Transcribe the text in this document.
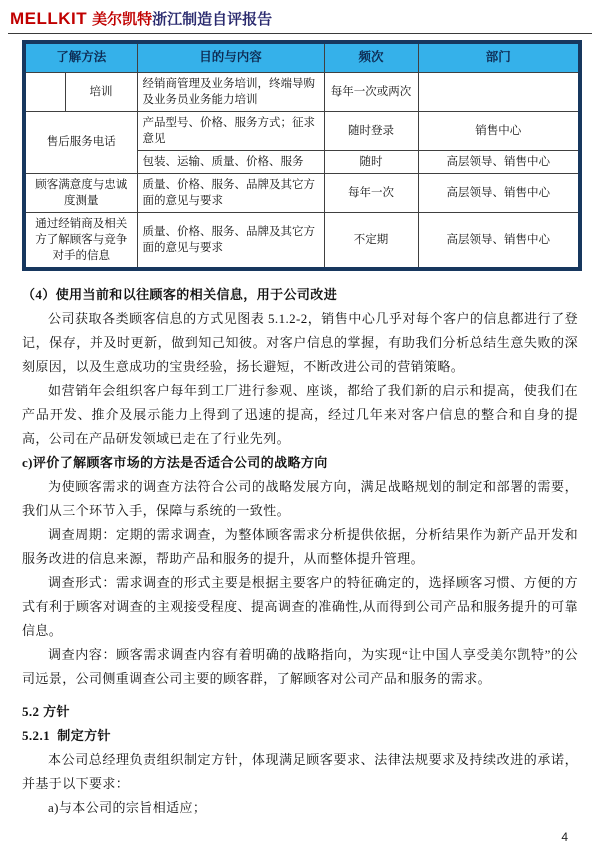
MELLKIT 美尔凯特浙江制造自评报告
了解方法		目的与内容	频次	部门
	培训	经销商管理及业务培训，终端导购及业务员业务能力培训	每年一次或两次	
售后服务电话		产品型号、价格、服务方式；征求意见	随时登录	销售中心
		包装、运输、质量、价格、服务	随时	高层领导、销售中心
顾客满意度与忠诚度测量		质量、价格、服务、品牌及其它方面的意见与要求	每年一次	高层领导、销售中心
通过经销商及相关方了解顾客与竞争对手的信息		质量、价格、服务、品牌及其它方面的意见与要求	不定期	高层领导、销售中心

（4）使用当前和以往顾客的相关信息，用于公司改进

公司获取各类顾客信息的方式见图表 5.1.2-2，销售中心几乎对每个客户的信息都进行了登记，保存，并及时更新，做到知己知彼。对客户信息的掌握，有助我们分析总结生意失败的深刻原因，以及生意成功的宝贵经验，扬长避短，不断改进公司的营销策略。

如营销年会组织客户每年到工厂进行参观、座谈，都给了我们新的启示和提高，使我们在产品开发、推介及展示能力上得到了迅速的提高，经过几年来对客户信息的整合和自身的提高，公司在产品研发领域已走在了行业先列。

c)评价了解顾客市场的方法是否适合公司的战略方向

为使顾客需求的调查方法符合公司的战略发展方向，满足战略规划的制定和部署的需要，我们从三个环节入手，保障与系统的一致性。

调查周期：定期的需求调查，为整体顾客需求分析提供依据，分析结果作为新产品开发和服务改进的信息来源，帮助产品和服务的提升，从而整体提升管理。

调查形式：需求调查的形式主要是根据主要客户的特征确定的，选择顾客习惯、方便的方式有利于顾客对调查的主观接受程度、提高调查的准确性,从而得到公司产品和服务提升的可靠信息。

调查内容：顾客需求调查内容有着明确的战略指向，为实现“让中国人享受美尔凯特”的公司远景，公司侧重调查公司主要的顾客群，了解顾客对公司产品和服务的需求。

5.2 方针

5.2.1  制定方针

本公司总经理负责组织制定方针，体现满足顾客要求、法律法规要求及持续改进的承诺，并基于以下要求：

a)与本公司的宗旨相适应；

4
